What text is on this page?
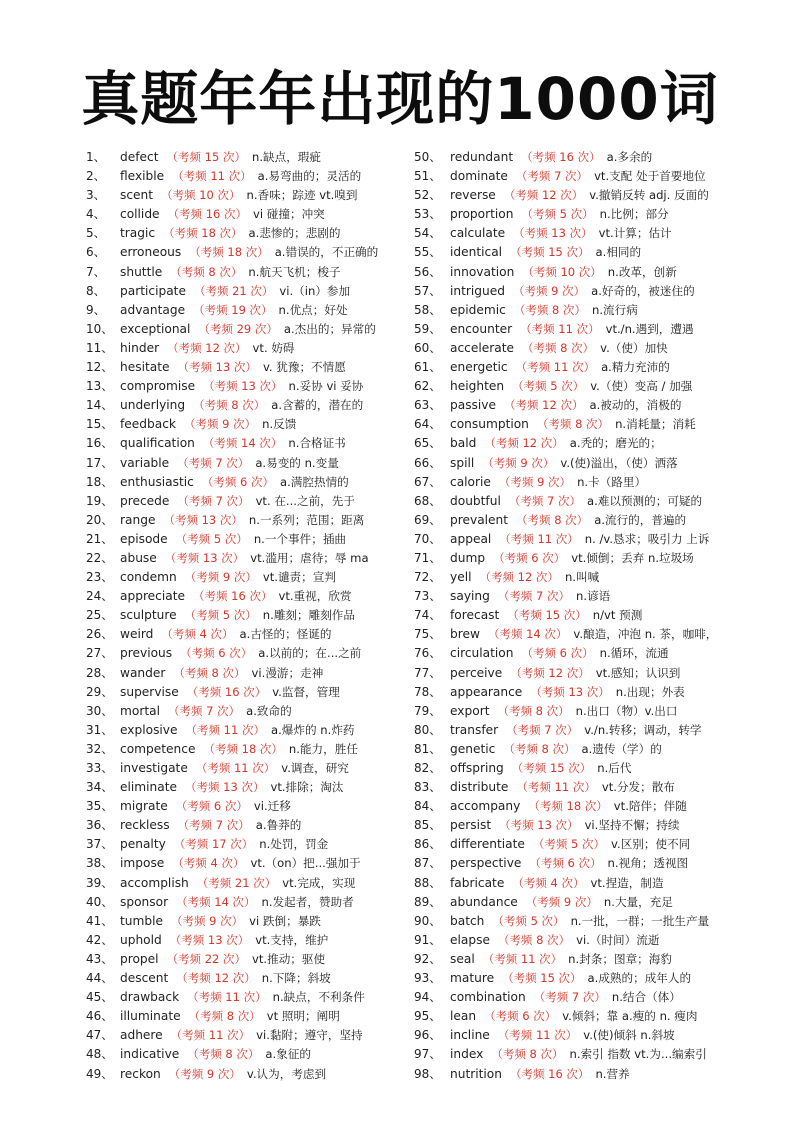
真题年年出现的1000词
1、	defect （考频 15 次） n.缺点，瑕疵
2、	flexible （考频 11 次） a.易弯曲的；灵活的
3、	scent （考频 10 次） n.香味；踪迹 vt.嗅到
4、	collide （考频 16 次） vi 碰撞；冲突
5、	tragic （考频 18 次） a.悲惨的；悲剧的
6、	erroneous （考频 18 次） a.错误的，不正确的
7、	shuttle （考频 8 次） n.航天飞机；梭子
8、	participate （考频 21 次） vi.（in）参加
9、	advantage （考频 19 次） n.优点；好处
10、 exceptional （考频 29 次） a.杰出的；异常的
11、 hinder （考频 12 次） vt. 妨碍
12、 hesitate （考频 13 次） v. 犹豫；不情愿
13、 compromise （考频 13 次） n.妥协 vi 妥协
14、 underlying （考频 8 次） a.含蓄的，潜在的
15、 feedback （考频 9 次） n.反馈
16、 qualification （考频 14 次） n.合格证书
17、 variable （考频 7 次） a.易变的 n.变量
18、 enthusiastic （考频 6 次） a.满腔热情的
19、 precede （考频 7 次） vt. 在...之前，先于
20、 range （考频 13 次） n.一系列；范围；距离
21、 episode （考频 5 次） n.一个事件；插曲
22、 abuse （考频 13 次） vt.滥用；虐待；辱 ma
23、 condemn （考频 9 次） vt.谴责；宣判
24、 appreciate （考频 16 次） vt.重视，欣赏
25、 sculpture （考频 5 次） n.雕刻；雕刻作品
26、 weird （考频 4 次） a.古怪的；怪诞的
27、 previous （考频 6 次） a.以前的；在...之前
28、 wander （考频 8 次） vi.漫游；走神
29、 supervise （考频 16 次） v.监督，管理
30、 mortal （考频 7 次） a.致命的
31、 explosive （考频 11 次） a.爆炸的 n.炸药
32、 competence （考频 18 次） n.能力，胜任
33、 investigate （考频 11 次） v.调查，研究
34、 eliminate （考频 13 次） vt.排除；淘汰
35、 migrate （考频 6 次） vi.迁移
36、 reckless （考频 7 次） a.鲁莽的
37、 penalty （考频 17 次） n.处罚，罚金
38、 impose （考频 4 次） vt.（on）把...强加于
39、 accomplish （考频 21 次） vt.完成，实现
40、 sponsor （考频 14 次） n.发起者，赞助者
41、 tumble （考频 9 次） vi 跌倒；暴跌
42、 uphold （考频 13 次） vt.支持，维护
43、 propel （考频 22 次） vt.推动；驱使
44、 descent （考频 12 次） n.下降；斜坡
45、 drawback （考频 11 次） n.缺点，不利条件
46、 illuminate （考频 8 次） vt 照明；阐明
47、 adhere （考频 11 次） vi.黏附；遵守，坚持
48、 indicative （考频 8 次） a.象征的
49、 reckon （考频 9 次） v.认为，考虑到
50、 redundant （考频 16 次） a.多余的
51、 dominate （考频 7 次） vt.支配 处于首要地位
52、 reverse （考频 12 次） v.撤销反转 adj. 反面的
53、 proportion （考频 5 次） n.比例；部分
54、 calculate （考频 13 次） vt.计算；估计
55、 identical （考频 15 次） a.相同的
56、 innovation （考频 10 次） n.改革，创新
57、 intrigued （考频 9 次） a.好奇的，被迷住的
58、 epidemic （考频 8 次） n.流行病
59、 encounter （考频 11 次） vt./n.遇到，遭遇
60、 accelerate （考频 8 次） v.（使）加快
61、 energetic （考频 11 次） a.精力充沛的
62、 heighten （考频 5 次） v.（使）变高 / 加强
63、 passive （考频 12 次） a.被动的，消极的
64、 consumption （考频 8 次） n.消耗量；消耗
65、 bald （考频 12 次） a.秃的；磨光的；
66、 spill （考频 9 次） v.(使)溢出，（使）洒落
67、 calorie （考频 9 次） n.卡（路里）
68、 doubtful （考频 7 次） a.难以预测的；可疑的
69、 prevalent （考频 8 次） a.流行的，普遍的
70、 appeal （考频 11 次） n. /v.恳求；吸引力 上诉
71、 dump （考频 6 次） vt.倾倒；丢弃 n.垃圾场
72、 yell （考频 12 次） n.叫喊
73、 saying （考频 7 次） n.谚语
74、 forecast （考频 15 次） n/vt 预测
75、 brew （考频 14 次） v.酿造，冲泡 n. 茶，咖啡，
76、 circulation （考频 6 次） n.循环，流通
77、 perceive （考频 12 次） vt.感知；认识到
78、 appearance （考频 13 次） n.出现；外表
79、 export （考频 8 次） n.出口（物）v.出口
80、 transfer （考频 7 次） v./n.转移；调动，转学
81、 genetic （考频 8 次） a.遗传（学）的
82、 offspring （考频 15 次） n.后代
83、 distribute （考频 11 次） vt.分发；散布
84、 accompany （考频 18 次） vt.陪伴；伴随
85、 persist （考频 13 次） vi.坚持不懈；持续
86、 differentiate （考频 5 次） v.区别；使不同
87、 perspective （考频 6 次） n.视角；透视图
88、 fabricate （考频 4 次） vt.捏造，制造
89、 abundance （考频 9 次） n.大量，充足
90、 batch （考频 5 次） n.一批，一群；一批生产量
91、 elapse （考频 8 次） vi.（时间）流逝
92、 seal （考频 11 次） n.封条；图章；海豹
93、 mature （考频 15 次） a.成熟的；成年人的
94、 combination （考频 7 次） n.结合（体）
95、 lean （考频 6 次） v.倾斜；靠 a.瘦的 n. 瘦肉
96、 incline （考频 11 次） v.(使)倾斜 n.斜坡
97、 index （考频 8 次） n.索引 指数 vt.为...编索引
98、 nutrition （考频 16 次） n.营养
